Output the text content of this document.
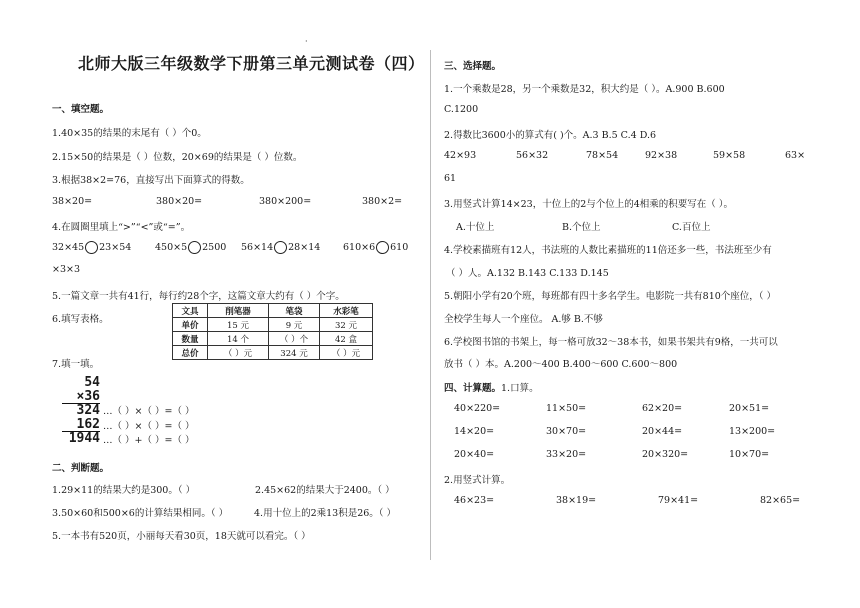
·
北师大版三年级数学下册第三单元测试卷（四）
一、填空题。
1.40×35的结果的末尾有（ ）个0。
2.15×50的结果是（ ）位数，20×69的结果是（ ）位数。
3.根据38×2=76，直接写出下面算式的得数。
38×20=	380×20=	380×200=	380×2=
4.在圆圈里填上“>”“<”或“=”。
32×45 23×54 450×5 2500 56×14 28×14 610×6 610
×3×3
5.一篇文章一共有41行，每行约28个字，这篇文章大约有（ ）个字。
6.填写表格。
文具	削笔器	笔袋	水彩笔
单价	15 元	9 元	32 元
数量	14 个	（ ）个	42 盒
总价	（ ）元	324 元	（ ）元
7.填一填。
54
×36
324
162
1944
…（ ）×（ ）=（ ）
…（ ）×（ ）=（ ）
…（ ）+（ ）=（ ）
二、判断题。
1.29×11的结果大约是300。（ ）	2.45×62的结果大于2400。（ ）
3.50×60和500×6的计算结果相同。（ ）	4.用十位上的2乘13积是26。（ ）
5.一本书有520页，小丽每天看30页，18天就可以看完。（ ）
三、选择题。
1.一个乘数是28，另一个乘数是32，积大约是（ ）。A.900 B.600
C.1200
2.得数比3600小的算式有( )个。A.3 B.5 C.4 D.6
42×93	56×32	78×54	92×38	59×58	63×
61
3.用竖式计算14×23，十位上的2与个位上的4相乘的积要写在（ ）。
A.十位上	B.个位上	C.百位上
4.学校素描班有12人，书法班的人数比素描班的11倍还多一些，书法班至少有
（ ）人。A.132 B.143 C.133 D.145
5.朝阳小学有20个班，每班都有四十多名学生。电影院一共有810个座位，（ ）
全校学生每人一个座位。 A.够 B.不够
6.学校图书馆的书架上，每一格可放32～38本书，如果书架共有9格，一共可以
放书（ ）本。A.200～400 B.400～600 C.600～800
四、计算题。1.口算。
40×220=	11×50=	62×20=	20×51=
14×20=	30×70=	20×44=	13×200=
20×40=	33×20=	20×320=	10×70=
2.用竖式计算。
46×23=	38×19=	79×41=	82×65=
